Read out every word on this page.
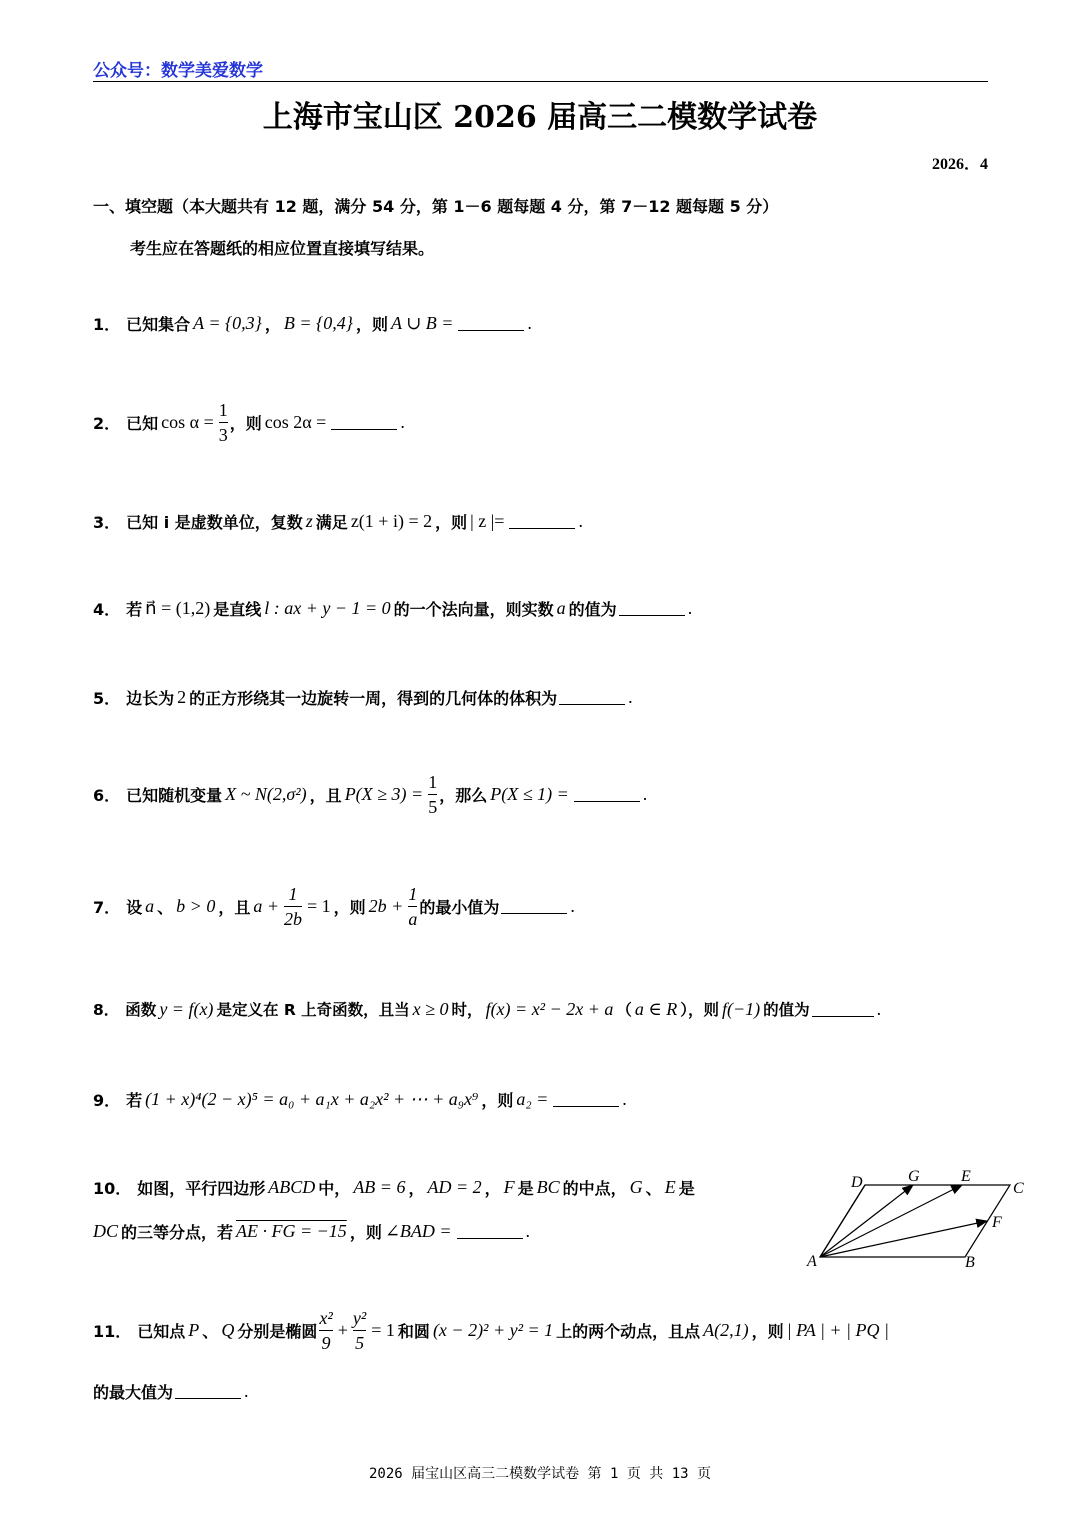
公众号：数学美爱数学
上海市宝山区 2026 届高三二模数学试卷
2026．4
一、填空题（本大题共有 12 题，满分 54 分，第 1－6 题每题 4 分，第 7－12 题每题 5 分）
考生应在答题纸的相应位置直接填写结果。
1． 已知集合 A = {0,3} ， B = {0,4} ，则 A ∪ B =	.
2． 已知 $\cos \alpha = \frac{1}{3}$ ，则 cos 2α =	.
3． 已知 i 是虚数单位，复数 z 满足 z(1 + i) = 2 ，则 | z |=	.
4． 若 n⃗ = (1,2) 是直线 l : ax + y − 1 = 0 的一个法向量，则实数 a 的值为	.
5． 边长为 2 的正方形绕其一边旋转一周，得到的几何体的体积为	.
6． 已知随机变量 X ~ N(2,σ²) ，且 $P(X \ge 3) = \frac{1}{5}$ ，那么 P(X ≤ 1) =	.
7． 设 a 、 b > 0 ，且 $a + \frac{1}{2b} = 1$ ，则 $2b + \frac{1}{a}$ 的最小值为	.
8． 函数 y = f(x) 是定义在 R 上奇函数，且当 x ≥ 0 时， f(x) = x² − 2x + a （ a ∈ R ），则 f(−1) 的值为	.
9． 若 (1 + x)⁴(2 − x)⁵ = a₀ + a₁x + a₂x² + ⋯ + a₉x⁹ ，则 a₂ =	.
10． 如图，平行四边形 ABCD 中， AB = 6 ， AD = 2 ， F 是 BC 的中点， G 、 E 是
DC 的三等分点，若 AE · FG = −15 ，则 ∠BAD =	.
A	B
C
D	E
F
G
11． 已知点 P 、 Q 分别是椭圆 $\frac{\text{x²}}{9} + \frac{\text{y²}}{5} = 1$ 和圆 (x − 2)² + y² = 1 上的两个动点，且点 A(2,1) ，则 | PA | + | PQ |
的最大值为	.
2026 届宝山区高三二模数学试卷 第 1 页 共 13 页
